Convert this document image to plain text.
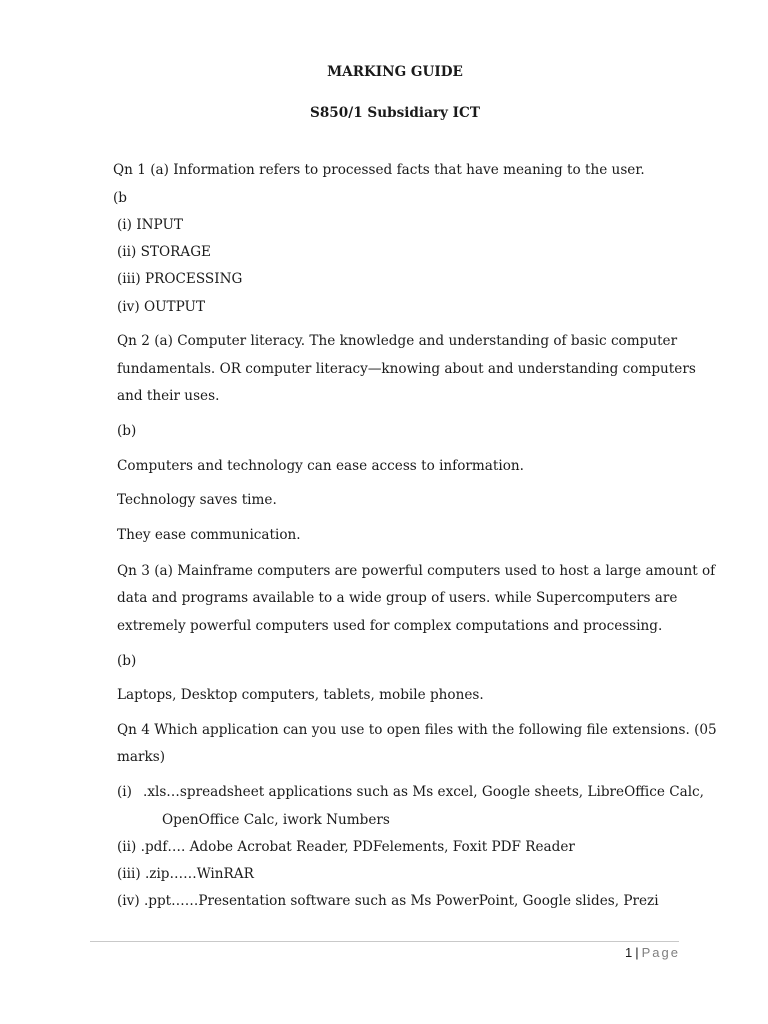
MARKING GUIDE
S850/1 Subsidiary ICT
Qn 1 (a) Information refers to processed facts that have meaning to the user.
(b
(i) INPUT
(ii) STORAGE
(iii) PROCESSING
(iv) OUTPUT
Qn 2 (a) Computer literacy. The knowledge and understanding of basic computer
fundamentals. OR computer literacy—knowing about and understanding computers
and their uses.
(b)
Computers and technology can ease access to information.
Technology saves time.
They ease communication.
Qn 3 (a) Mainframe computers are powerful computers used to host a large amount of
data and programs available to a wide group of users. while Supercomputers are
extremely powerful computers used for complex computations and processing.
(b)
Laptops, Desktop computers, tablets, mobile phones.
Qn 4 Which application can you use to open files with the following file extensions. (05
marks)
(i) .xls…spreadsheet applications such as Ms excel, Google sheets, LibreOffice Calc,
OpenOffice Calc, iwork Numbers
(ii) .pdf…. Adobe Acrobat Reader, PDFelements, Foxit PDF Reader
(iii) .zip……WinRAR
(iv) .ppt……Presentation software such as Ms PowerPoint, Google slides, Prezi
1 | Page
